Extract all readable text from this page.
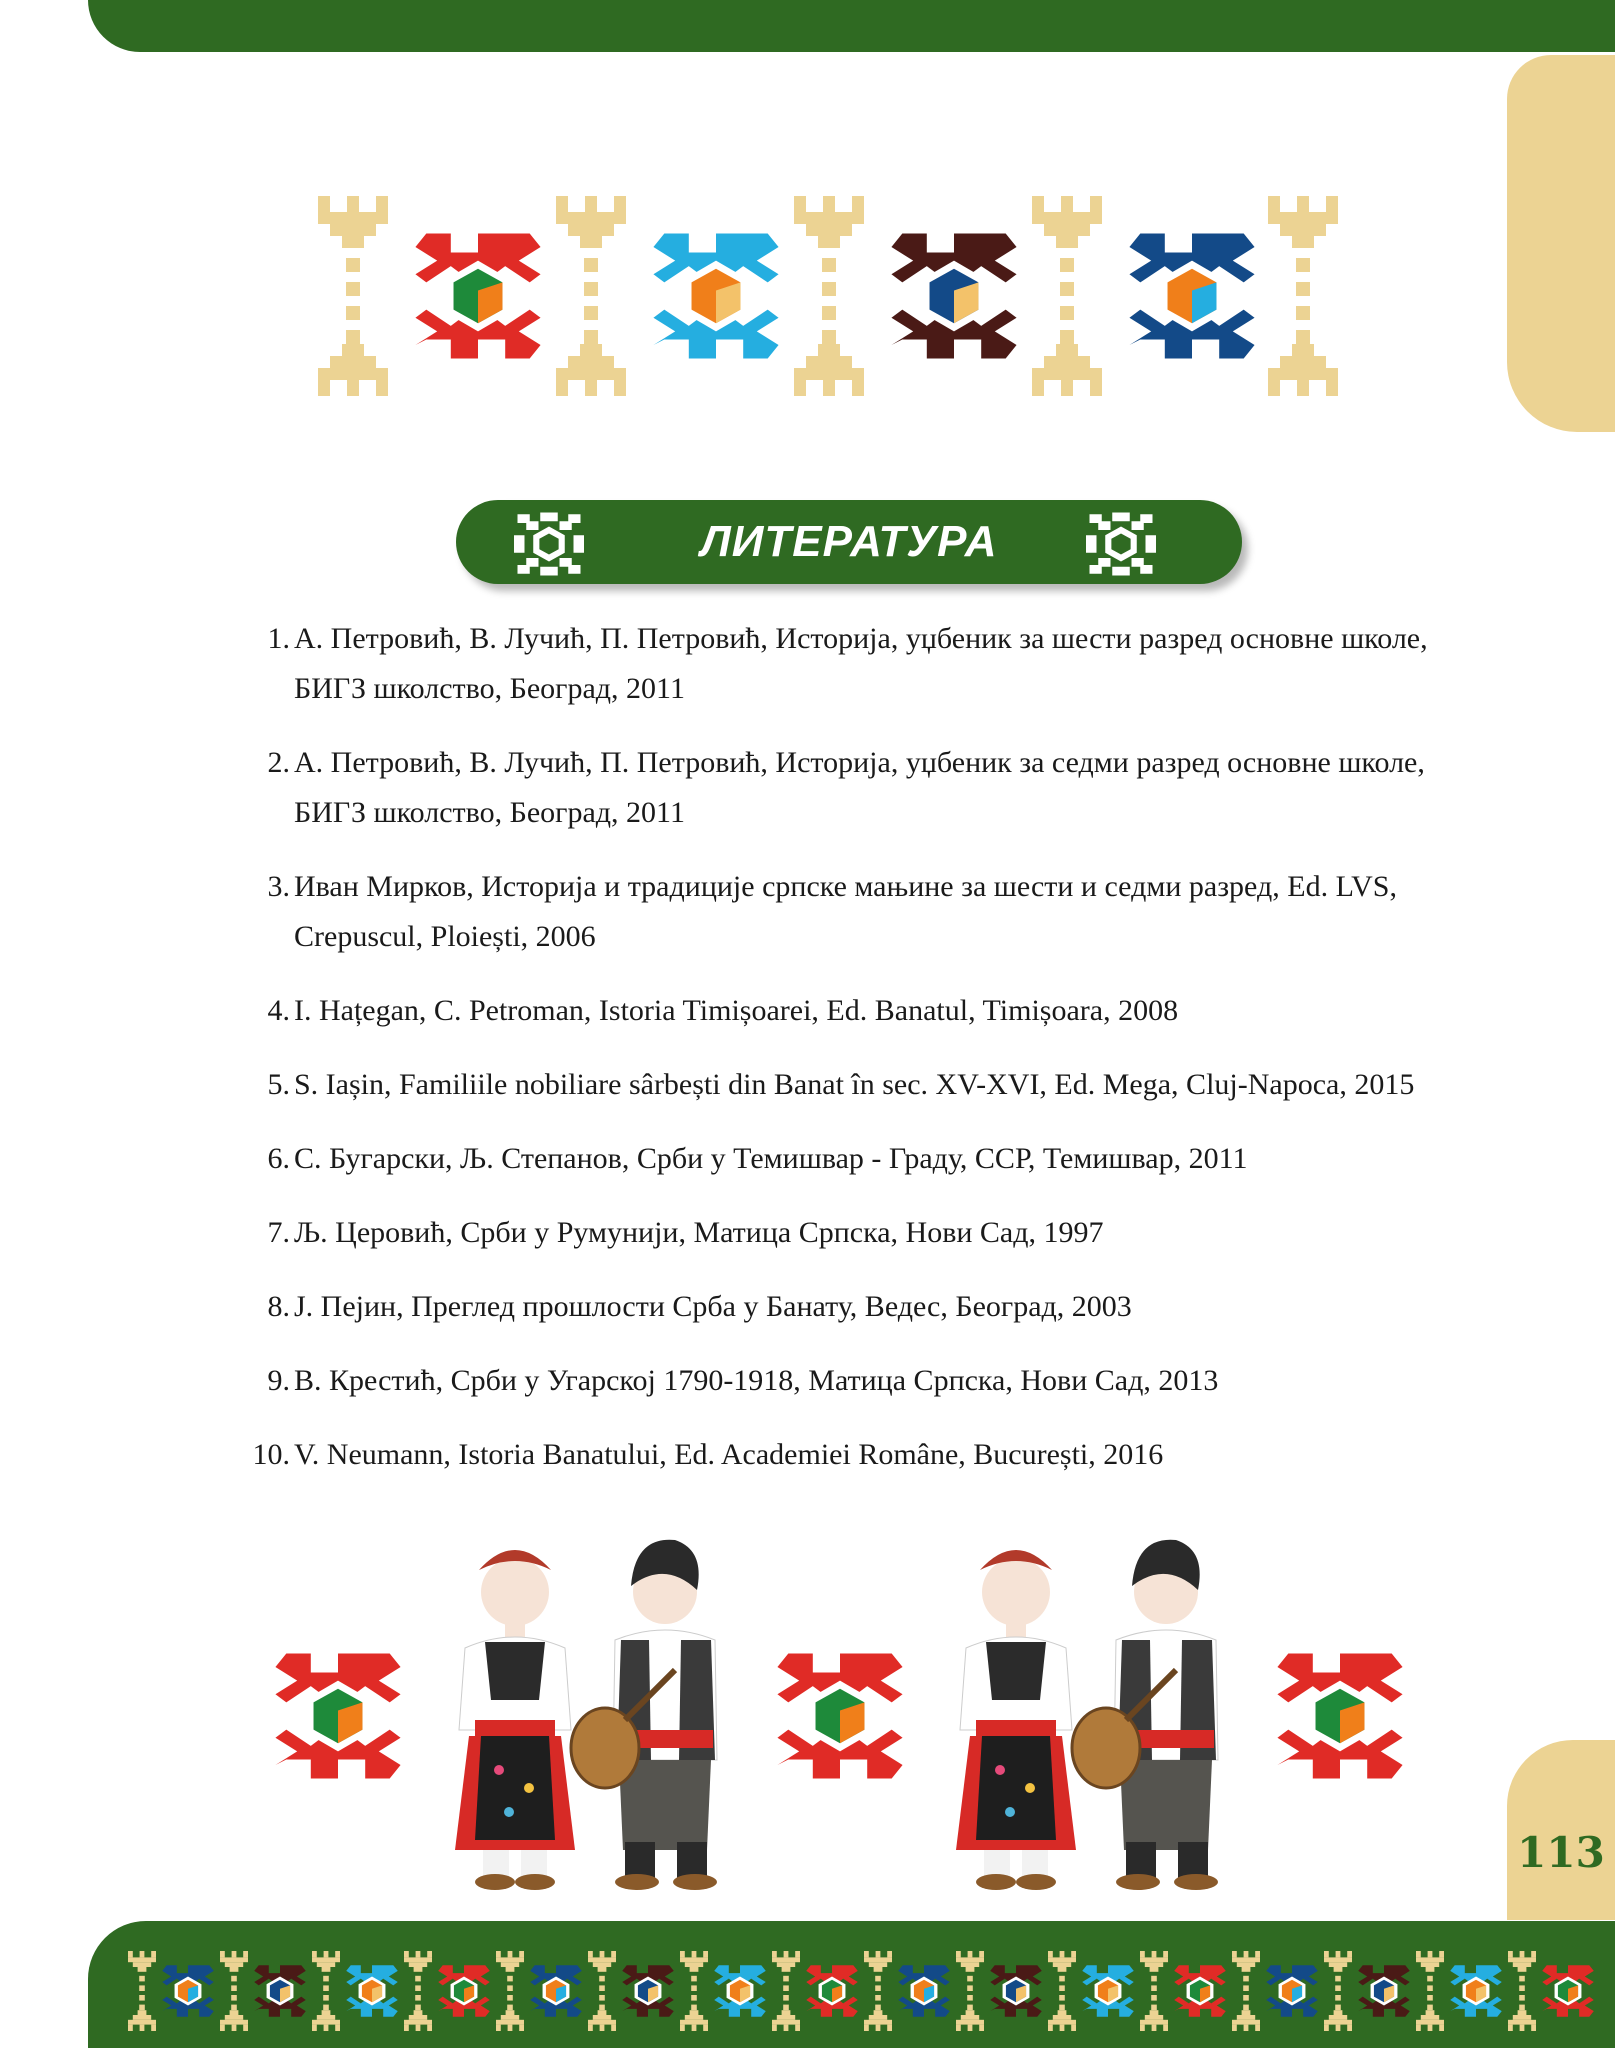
ЛИТЕРАТУРА
1. А. Петровић, В. Лучић, П. Петровић, Историја, уџбеник за шести разред основне школе, БИГЗ школство, Београд, 2011
2. А. Петровић, В. Лучић, П. Петровић, Историја, уџбеник за седми разред основне школе, БИГЗ школство, Београд, 2011
3. Иван Мирков, Историја и традиције српске мањине за шести и седми разред, Ed. LVS, Crepuscul, Ploiești, 2006
4. I. Hațegan, C. Petroman, Istoria Timișoarei, Ed. Banatul, Timișoara, 2008
5. S. Iașin, Familiile nobiliare sârbești din Banat în sec. XV-XVI, Ed. Mega, Cluj-Napoca, 2015
6. С. Бугарски, Љ. Степанов, Срби у Темишвар - Граду, ССР, Темишвар, 2011
7. Љ. Церовић, Срби у Румунији, Матица Српска, Нови Сад, 1997
8. Ј. Пејин, Преглед прошлости Срба у Банату, Ведес, Београд, 2003
9. В. Крестић, Срби у Угарској 1790-1918, Матица Српска, Нови Сад, 2013
10. V. Neumann, Istoria Banatului, Ed. Academiei Române, București, 2016
113
